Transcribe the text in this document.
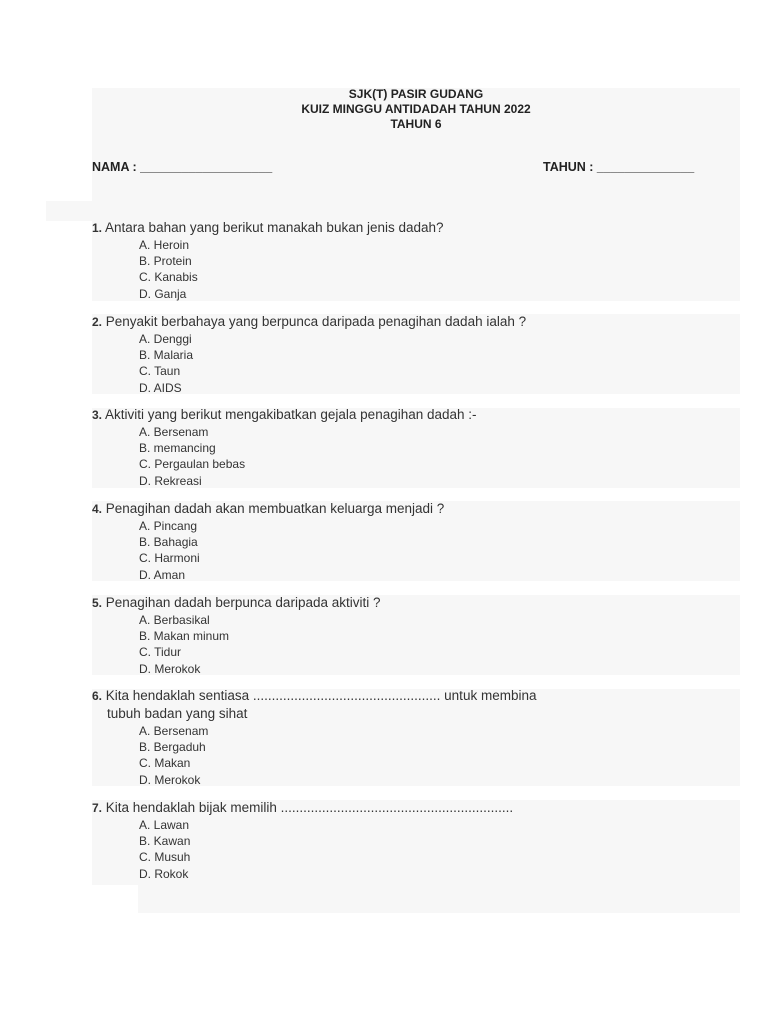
SJK(T) PASIR GUDANG
KUIZ MINGGU ANTIDADAH TAHUN 2022
TAHUN 6
NAMA : ___________________	TAHUN : ______________
1. Antara bahan yang berikut manakah bukan jenis dadah?
A. Heroin
B. Protein
C. Kanabis
D. Ganja
2. Penyakit berbahaya yang berpunca daripada penagihan dadah ialah ?
A. Denggi
B. Malaria
C. Taun
D. AIDS
3. Aktiviti yang berikut mengakibatkan gejala penagihan dadah :-
A. Bersenam
B. memancing
C. Pergaulan bebas
D. Rekreasi
4. Penagihan dadah akan membuatkan keluarga menjadi ?
A. Pincang
B. Bahagia
C. Harmoni
D. Aman
5. Penagihan dadah berpunca daripada aktiviti ?
A. Berbasikal
B. Makan minum
C. Tidur
D. Merokok
6. Kita hendaklah sentiasa .................................................. untuk membina
tubuh badan yang sihat
A. Bersenam
B. Bergaduh
C. Makan
D. Merokok
7. Kita hendaklah bijak memilih ..............................................................
A. Lawan
B. Kawan
C. Musuh
D. Rokok
